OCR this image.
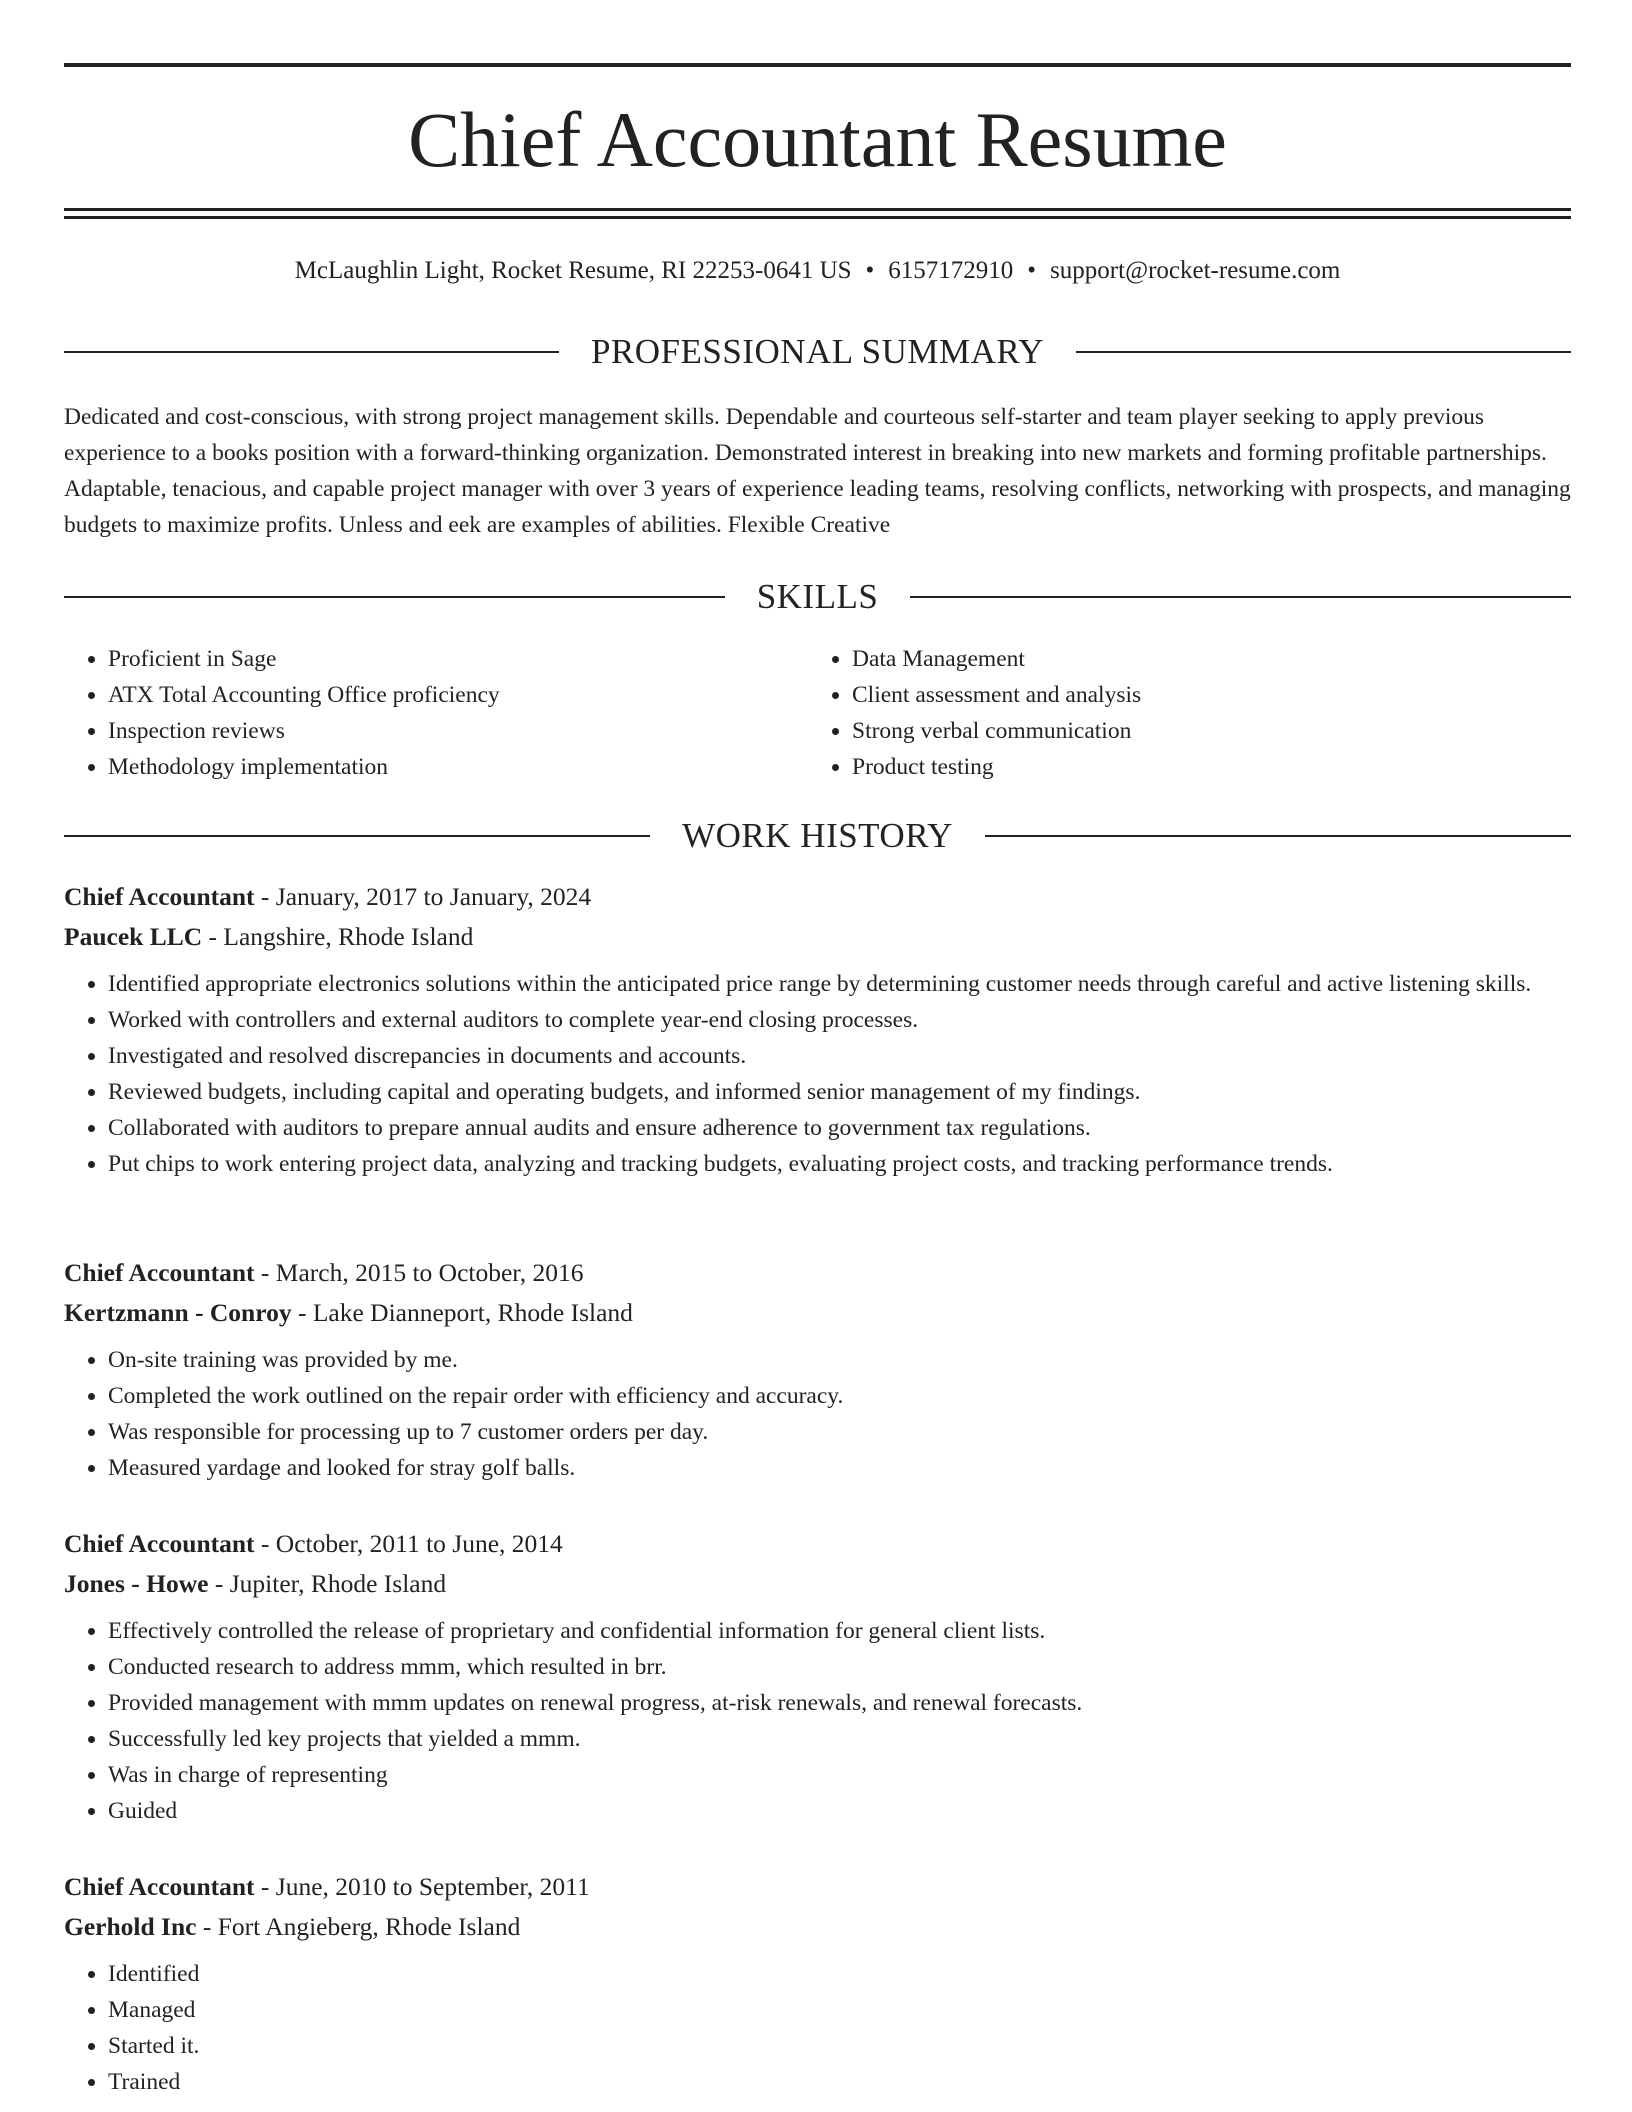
Chief Accountant Resume
McLaughlin Light, Rocket Resume, RI 22253-0641 US • 6157172910 • support@rocket-resume.com
PROFESSIONAL SUMMARY

Dedicated and cost-conscious, with strong project management skills. Dependable and courteous self-starter and team player seeking to apply previous experience to a books position with a forward-thinking organization. Demonstrated interest in breaking into new markets and forming profitable partnerships. Adaptable, tenacious, and capable project manager with over 3 years of experience leading teams, resolving conflicts, networking with prospects, and managing budgets to maximize profits. Unless and eek are examples of abilities. Flexible Creative

SKILLS
• Proficient in Sage
• ATX Total Accounting Office proficiency
• Inspection reviews
• Methodology implementation
• Data Management
• Client assessment and analysis
• Strong verbal communication
• Product testing
WORK HISTORY
Chief Accountant - January, 2017 to January, 2024
Paucek LLC - Langshire, Rhode Island
• Identified appropriate electronics solutions within the anticipated price range by determining customer needs through careful and active listening skills.
• Worked with controllers and external auditors to complete year-end closing processes.
• Investigated and resolved discrepancies in documents and accounts.
• Reviewed budgets, including capital and operating budgets, and informed senior management of my findings.
• Collaborated with auditors to prepare annual audits and ensure adherence to government tax regulations.
• Put chips to work entering project data, analyzing and tracking budgets, evaluating project costs, and tracking performance trends.
Chief Accountant - March, 2015 to October, 2016
Kertzmann - Conroy - Lake Dianneport, Rhode Island
• On-site training was provided by me.
• Completed the work outlined on the repair order with efficiency and accuracy.
• Was responsible for processing up to 7 customer orders per day.
• Measured yardage and looked for stray golf balls.
Chief Accountant - October, 2011 to June, 2014
Jones - Howe - Jupiter, Rhode Island
• Effectively controlled the release of proprietary and confidential information for general client lists.
• Conducted research to address mmm, which resulted in brr.
• Provided management with mmm updates on renewal progress, at-risk renewals, and renewal forecasts.
• Successfully led key projects that yielded a mmm.
• Was in charge of representing
• Guided
Chief Accountant - June, 2010 to September, 2011
Gerhold Inc - Fort Angieberg, Rhode Island
• Identified
• Managed
• Started it.
• Trained
